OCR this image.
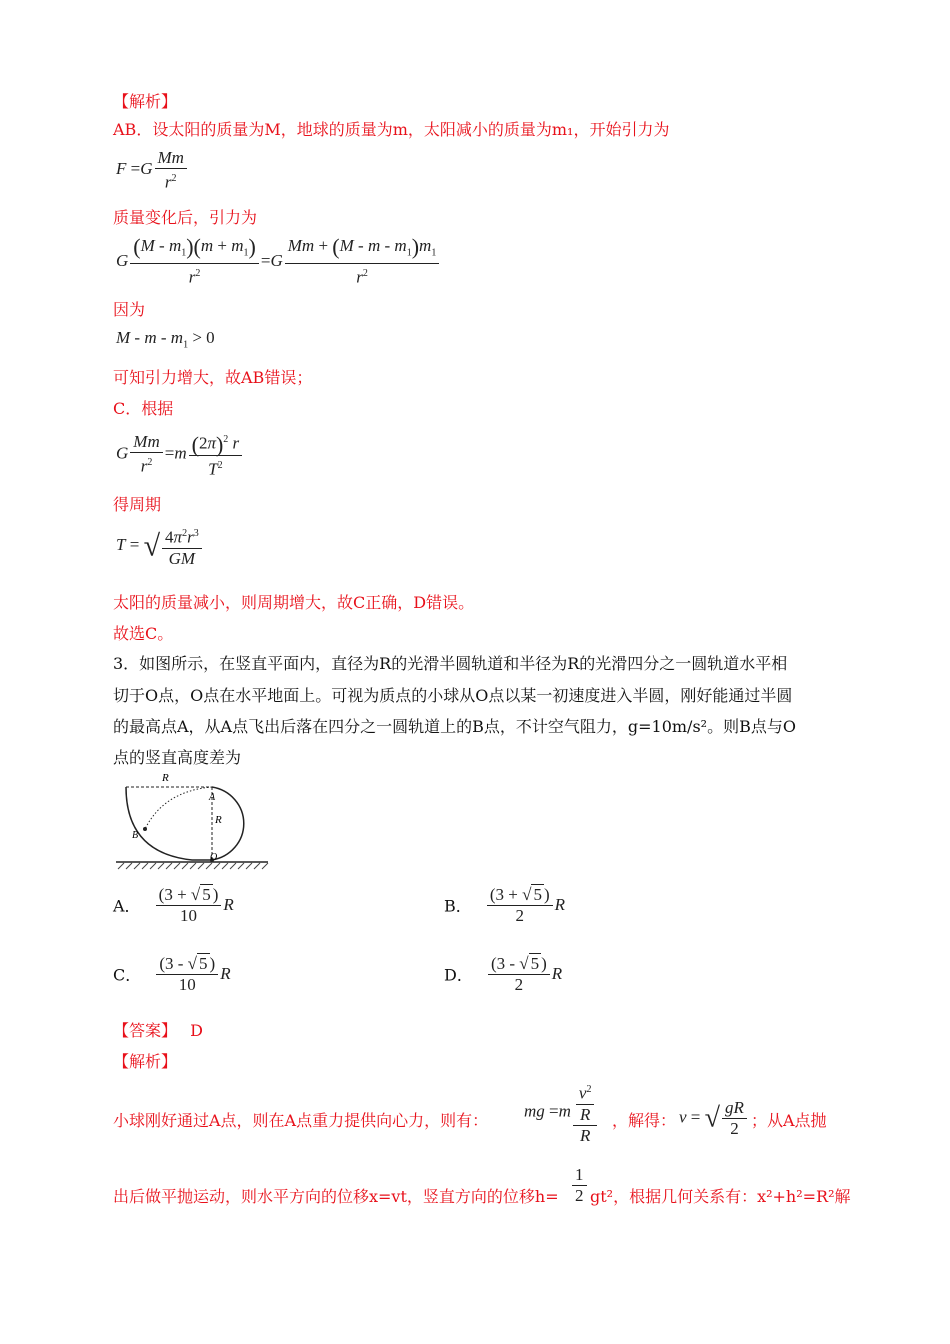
【解析】
AB．设太阳的质量为M，地球的质量为m，太阳减小的质量为m₁，开始引力为
$F =G \frac{Mm}{r^2}$
质量变化后，引力为
G $\frac{(M - m_1)(m + m_1)}{r^2} =G \frac{Mm + (M - m - m_1)m_1}{r^2}$
因为
$M - m - m_1 > 0$
可知引力增大，故AB错误；
C．根据
G $\frac{Mm}{r^2} =m \frac{(2\pi)^2 r}{T^2}$
得周期
T = √ $\frac{4\pi^2r^3}{GM}$
太阳的质量减小，则周期增大，故C正确，D错误。
故选C。
3．如图所示，在竖直平面内，直径为R的光滑半圆轨道和半径为R的光滑四分之一圆轨道水平相
切于O点，O点在水平地面上。可视为质点的小球从O点以某一初速度进入半圆，刚好能通过半圆
的最高点A，从A点飞出后落在四分之一圆轨道上的B点，不计空气阻力，g=10m/s²。则B点与O
点的竖直高度差为
R
A
R
B
O
A． $\frac{(3 + √ 5 )}{10}$ R	B． $\frac{(3 + √ 5 )}{2}$ R
C． $\frac{(3 - √ 5 )}{10}$ R	D． $\frac{(3 - √ 5 )}{2}$ R
【答案】 D
【解析】
小球刚好通过A点，则在A点重力提供向心力，则有： mg $=m \frac{\frac{v^2}{R}}{R}$ ，解得： v = √ $\frac{gR}{2}$ ；从A点抛
出后做平抛运动，则水平方向的位移x=vt，竖直方向的位移$h= \frac{1}{2} gt^2$，根据几何关系有：x²+h²=R²解
